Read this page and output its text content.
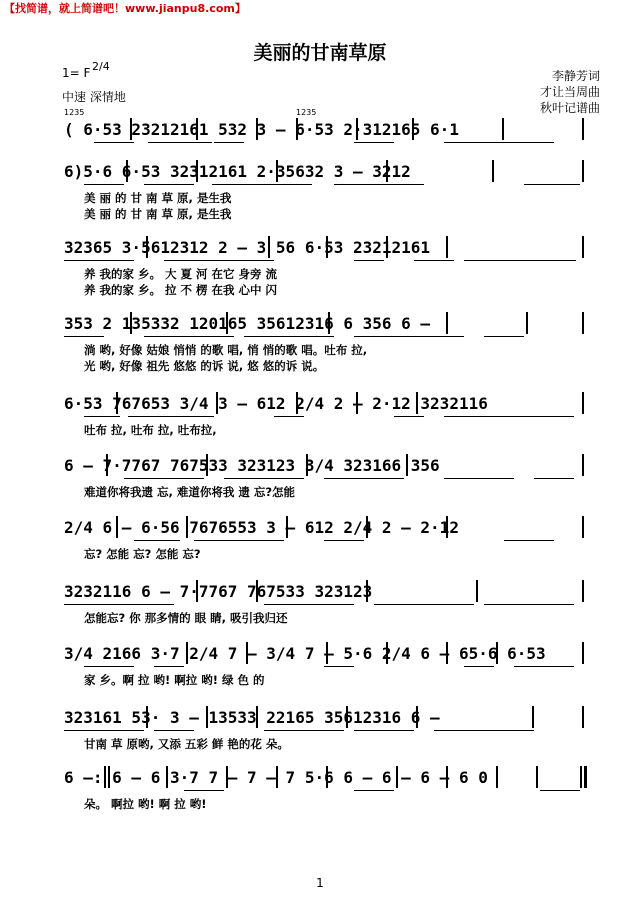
【找简谱，就上简谱吧！www.jianpu8.com】
美丽的甘南草原
1= F 2/4
中速 深情地
李静芳词
才让当周曲
秋叶记谱曲
1235	1235
( 6·53 23212161 532 3 – 6·53 2·312165 6·1
6)5·6 6·53 32312161 2·35632 3 – 3212
美 丽 的 甘 南 草 原, 是生我
美 丽 的 甘 南 草 原, 是生我
32365 3·5612312 2 – 3 56 6·53 23212161
养 我的家 乡。 大 夏 河 在它 身旁 流
养 我的家 乡。 拉 不 楞 在我 心中 闪
353 2 135332 120165 35612316 6 356 6 –
淌 哟, 好像 姑娘 悄悄 的歌 唱, 悄 悄的歌 唱。吐布 拉,
光 哟, 好像 祖先 悠悠 的诉 说, 悠 悠的诉 说。
6·53 767653 3/4 3 – 612 2/4 2 – 2·12 3232116
吐布 拉, 吐布 拉, 吐布拉,
6 – 7·7767 767533 323123 3/4 323166 356
难道你将我遗 忘, 难道你将我 遗 忘?怎能
2/4 6 – 6·56 7676553 3 – 612 2/4 2 – 2·12
忘? 怎能 忘? 怎能 忘?
3232116 6 – 7·7767 767533 323123
怎能忘? 你 那多情的 眼 睛, 吸引我归还
3/4 2166 3·7 2/4 7 – 3/4 7 – 5·6 2/4 6 – 65·6 6·53
家 乡。啊 拉 哟! 啊拉 哟! 绿 色 的
323161 53· 3 – 13533 22165 35612316 6 –
甘南 草 原哟, 又添 五彩 鲜 艳的花 朵。
6 –: 6 – 6 3·7 7 – 7 – 7 5·6 6 – 6 – 6 – 6 0
朵。 啊拉 哟! 啊 拉 哟!
1
